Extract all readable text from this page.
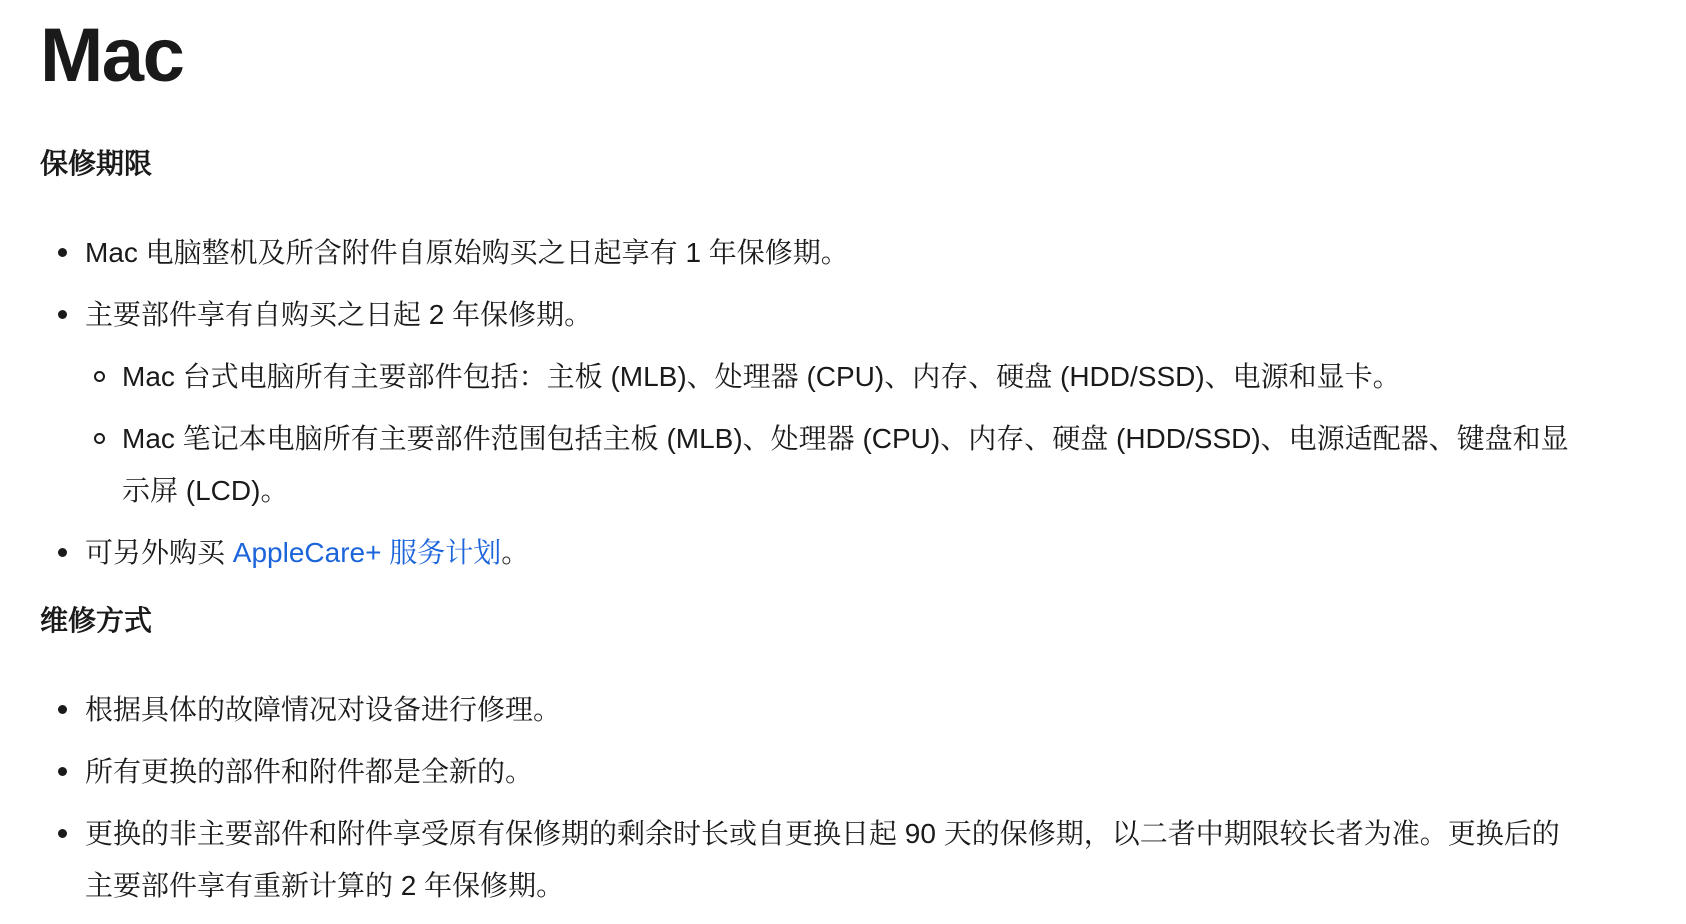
Mac
保修期限
Mac 电脑整机及所含附件自原始购买之日起享有 1 年保修期。
主要部件享有自购买之日起 2 年保修期。
Mac 台式电脑所有主要部件包括：主板 (MLB)、处理器 (CPU)、内存、硬盘 (HDD/SSD)、电源和显卡。
Mac 笔记本电脑所有主要部件范围包括主板 (MLB)、处理器 (CPU)、内存、硬盘 (HDD/SSD)、电源适配器、键盘和显示屏 (LCD)。
可另外购买 AppleCare+ 服务计划。
维修方式
根据具体的故障情况对设备进行修理。
所有更换的部件和附件都是全新的。
更换的非主要部件和附件享受原有保修期的剩余时长或自更换日起 90 天的保修期，以二者中期限较长者为准。更换后的主要部件享有重新计算的 2 年保修期。
